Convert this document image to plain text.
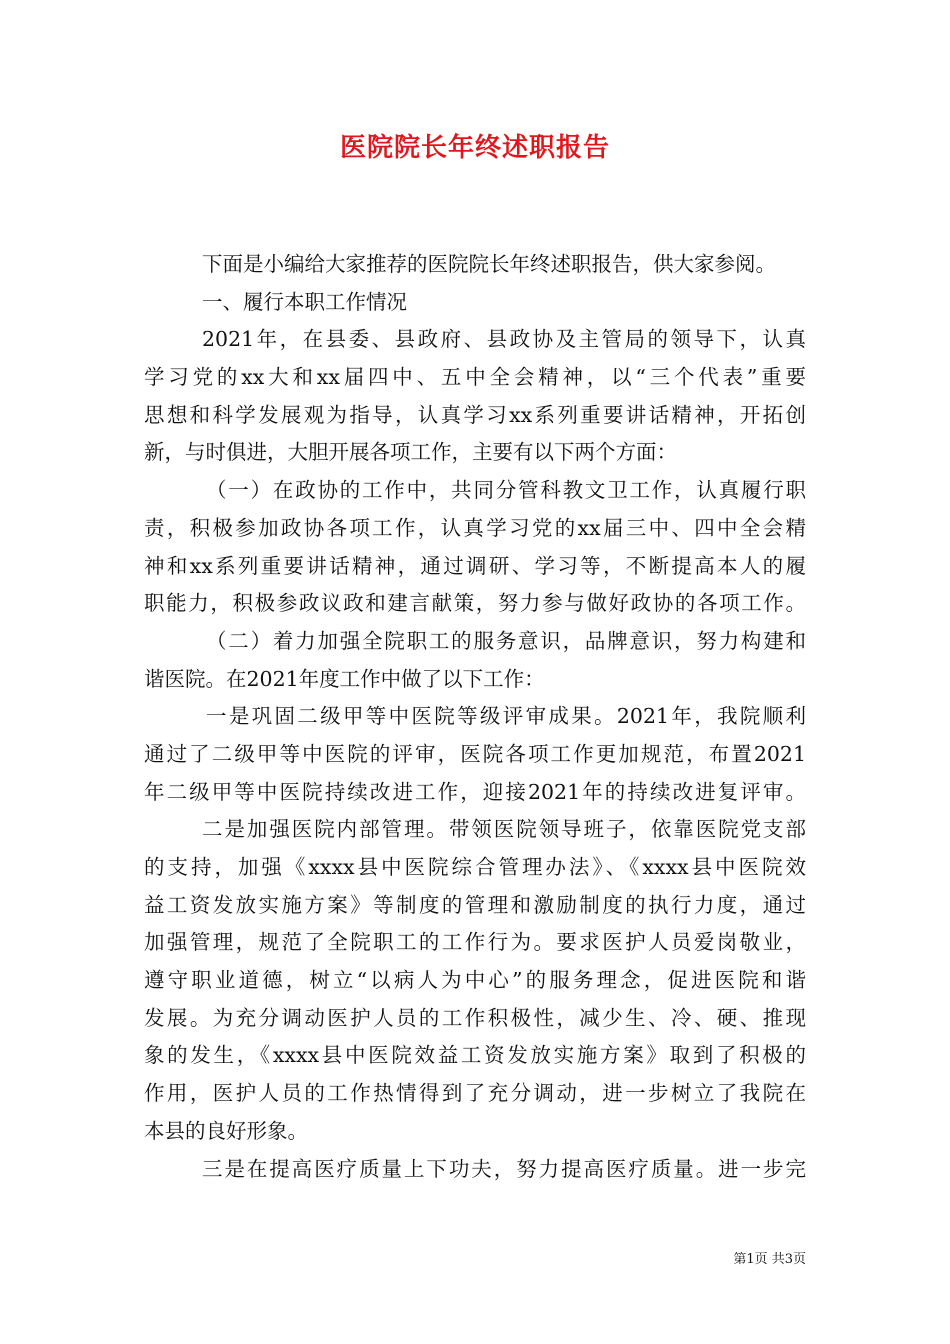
医院院长年终述职报告
下面是小编给大家推荐的医院院长年终述职报告，供大家参阅。
一、履行本职工作情况
2021年，在县委、县政府、县政协及主管局的领导下，认真
学习党的xx大和xx届四中、五中全会精神，以“三个代表”重要
思想和科学发展观为指导，认真学习xx系列重要讲话精神，开拓创
新，与时俱进，大胆开展各项工作，主要有以下两个方面：
（一）在政协的工作中，共同分管科教文卫工作，认真履行职
责，积极参加政协各项工作，认真学习党的xx届三中、四中全会精
神和xx系列重要讲话精神，通过调研、学习等，不断提高本人的履
职能力，积极参政议政和建言献策，努力参与做好政协的各项工作。
（二）着力加强全院职工的服务意识，品牌意识，努力构建和
谐医院。在2021年度工作中做了以下工作：
一是巩固二级甲等中医院等级评审成果。2021年，我院顺利
通过了二级甲等中医院的评审，医院各项工作更加规范，布置2021
年二级甲等中医院持续改进工作，迎接2021年的持续改进复评审。
二是加强医院内部管理。带领医院领导班子，依靠医院党支部
的支持，加强《xxxx县中医院综合管理办法》、《xxxx县中医院效
益工资发放实施方案》等制度的管理和激励制度的执行力度，通过
加强管理，规范了全院职工的工作行为。要求医护人员爱岗敬业，
遵守职业道德，树立“以病人为中心”的服务理念，促进医院和谐
发展。为充分调动医护人员的工作积极性，减少生、冷、硬、推现
象的发生，《xxxx县中医院效益工资发放实施方案》取到了积极的
作用，医护人员的工作热情得到了充分调动，进一步树立了我院在
本县的良好形象。
三是在提高医疗质量上下功夫，努力提高医疗质量。进一步完
第1页 共3页
